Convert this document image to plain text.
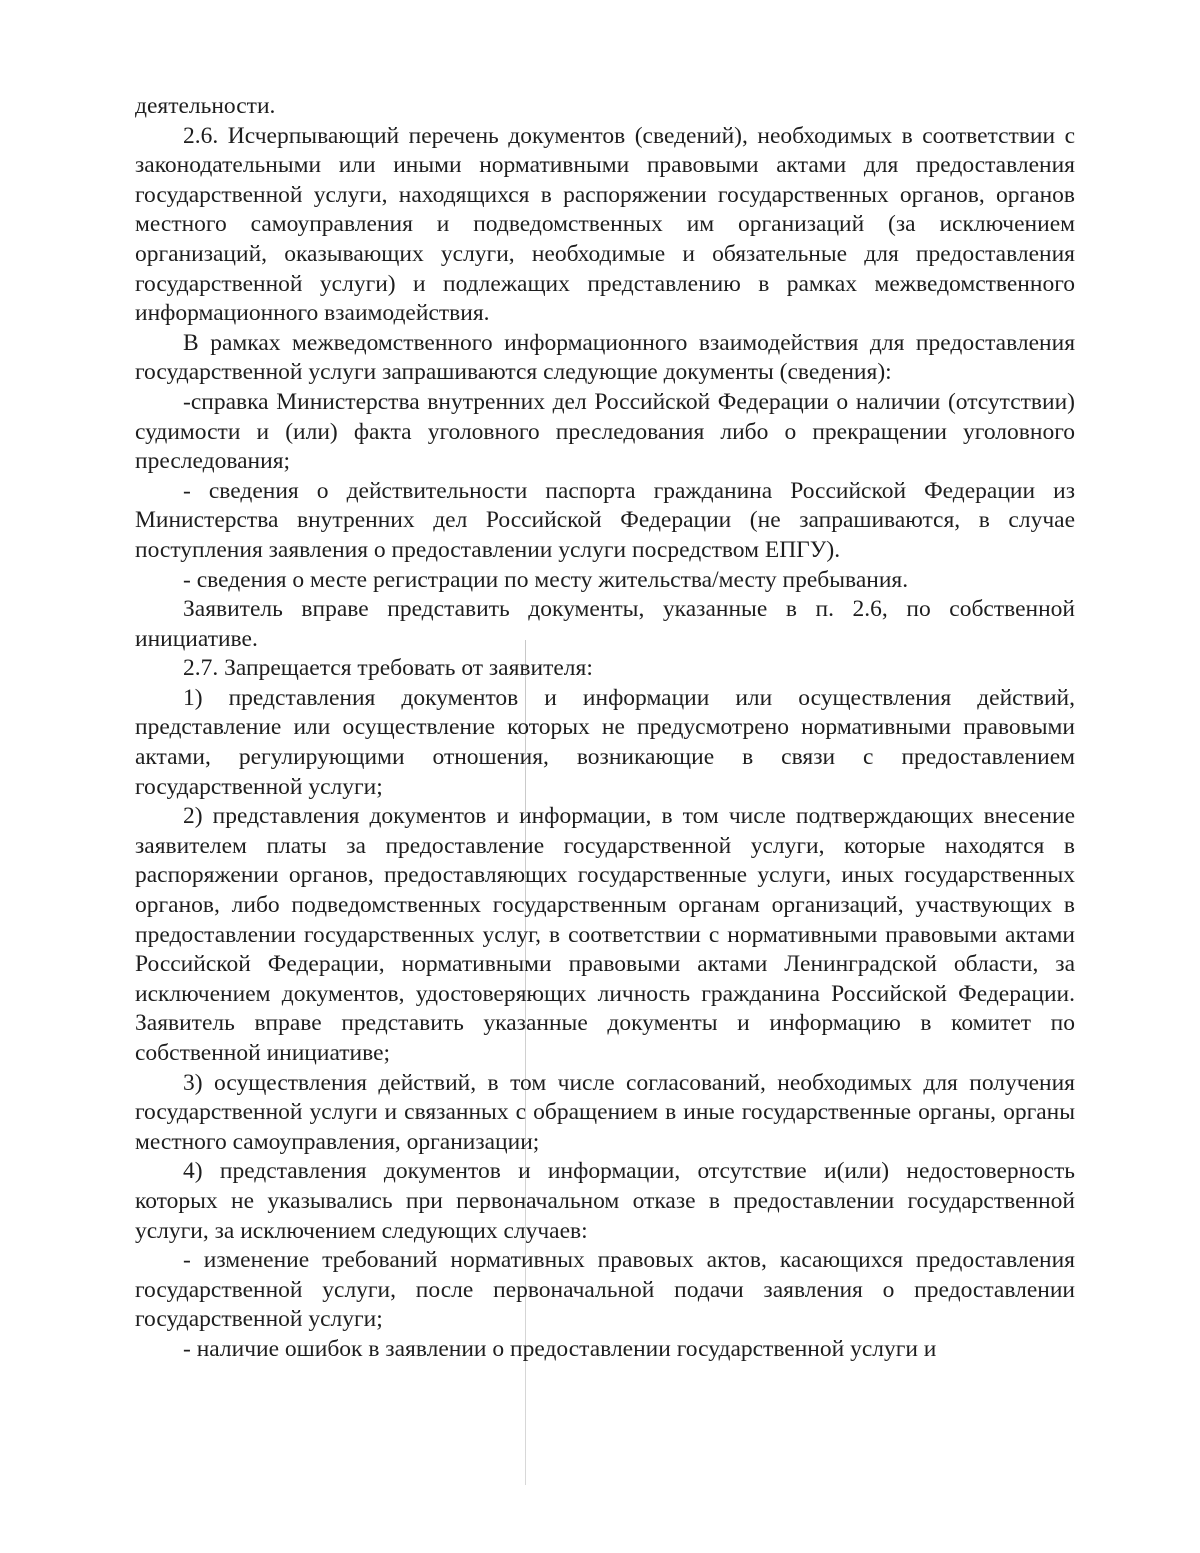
деятельности.

2.6. Исчерпывающий перечень документов (сведений), необходимых в соответствии с законодательными или иными нормативными правовыми актами для предоставления государственной услуги, находящихся в распоряжении государственных органов, органов местного самоуправления и подведомственных им организаций (за исключением организаций, оказывающих услуги, необходимые и обязательные для предоставления государственной услуги) и подлежащих представлению в рамках межведомственного информационного взаимодействия.

В рамках межведомственного информационного взаимодействия для предоставления государственной услуги запрашиваются следующие документы (сведения):

-справка Министерства внутренних дел Российской Федерации о наличии (отсутствии) судимости и (или) факта уголовного преследования либо о прекращении уголовного преследования;

- сведения о действительности паспорта гражданина Российской Федерации из Министерства внутренних дел Российской Федерации (не запрашиваются, в случае поступления заявления о предоставлении услуги посредством ЕПГУ).

- сведения о месте регистрации по месту жительства/месту пребывания.

Заявитель вправе представить документы, указанные в п. 2.6, по собственной инициативе.

2.7. Запрещается требовать от заявителя:

1) представления документов и информации или осуществления действий, представление или осуществление которых не предусмотрено нормативными правовыми актами, регулирующими отношения, возникающие в связи с предоставлением государственной услуги;

2) представления документов и информации, в том числе подтверждающих внесение заявителем платы за предоставление государственной услуги, которые находятся в распоряжении органов, предоставляющих государственные услуги, иных государственных органов, либо подведомственных государственным органам организаций, участвующих в предоставлении государственных услуг, в соответствии с нормативными правовыми актами Российской Федерации, нормативными правовыми актами Ленинградской области, за исключением документов, удостоверяющих личность гражданина Российской Федерации. Заявитель вправе представить указанные документы и информацию в комитет по собственной инициативе;

3) осуществления действий, в том числе согласований, необходимых для получения государственной услуги и связанных с обращением в иные государственные органы, органы местного самоуправления, организации;

4) представления документов и информации, отсутствие и(или) недостоверность которых не указывались при первоначальном отказе в предоставлении государственной услуги, за исключением следующих случаев:

- изменение требований нормативных правовых актов, касающихся предоставления государственной услуги, после первоначальной подачи заявления о предоставлении государственной услуги;

- наличие ошибок в заявлении о предоставлении государственной услуги и
